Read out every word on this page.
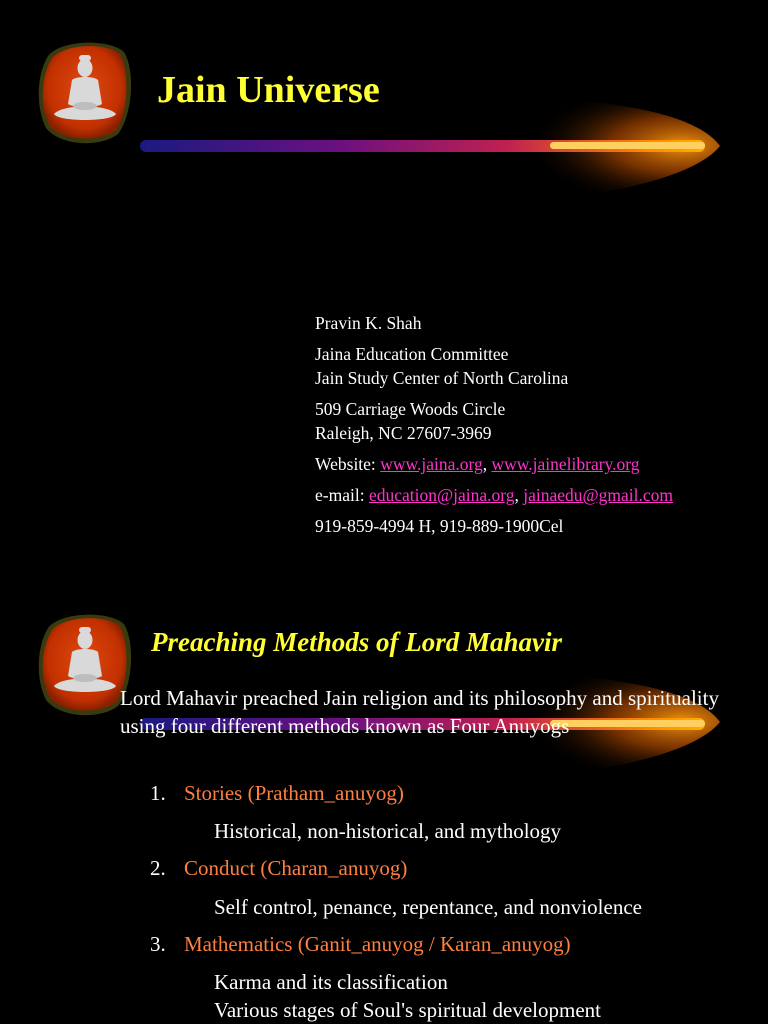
Jain Universe
Pravin K. Shah
Jaina Education Committee
Jain Study Center of North Carolina
509 Carriage Woods Circle
Raleigh, NC 27607-3969
Website: www.jaina.org, www.jainelibrary.org
e-mail: education@jaina.org, jainaedu@gmail.com
919-859-4994 H, 919-889-1900Cel
Preaching Methods of Lord Mahavir
Lord Mahavir preached Jain religion and its philosophy and spirituality using four different methods known as Four Anuyogs
1. Stories (Pratham_anuyog)
Historical, non-historical, and mythology
2. Conduct (Charan_anuyog)
Self control, penance, repentance, and nonviolence
3. Mathematics (Ganit_anuyog / Karan_anuyog)
Karma and its classification
Various stages of Soul's spiritual development
